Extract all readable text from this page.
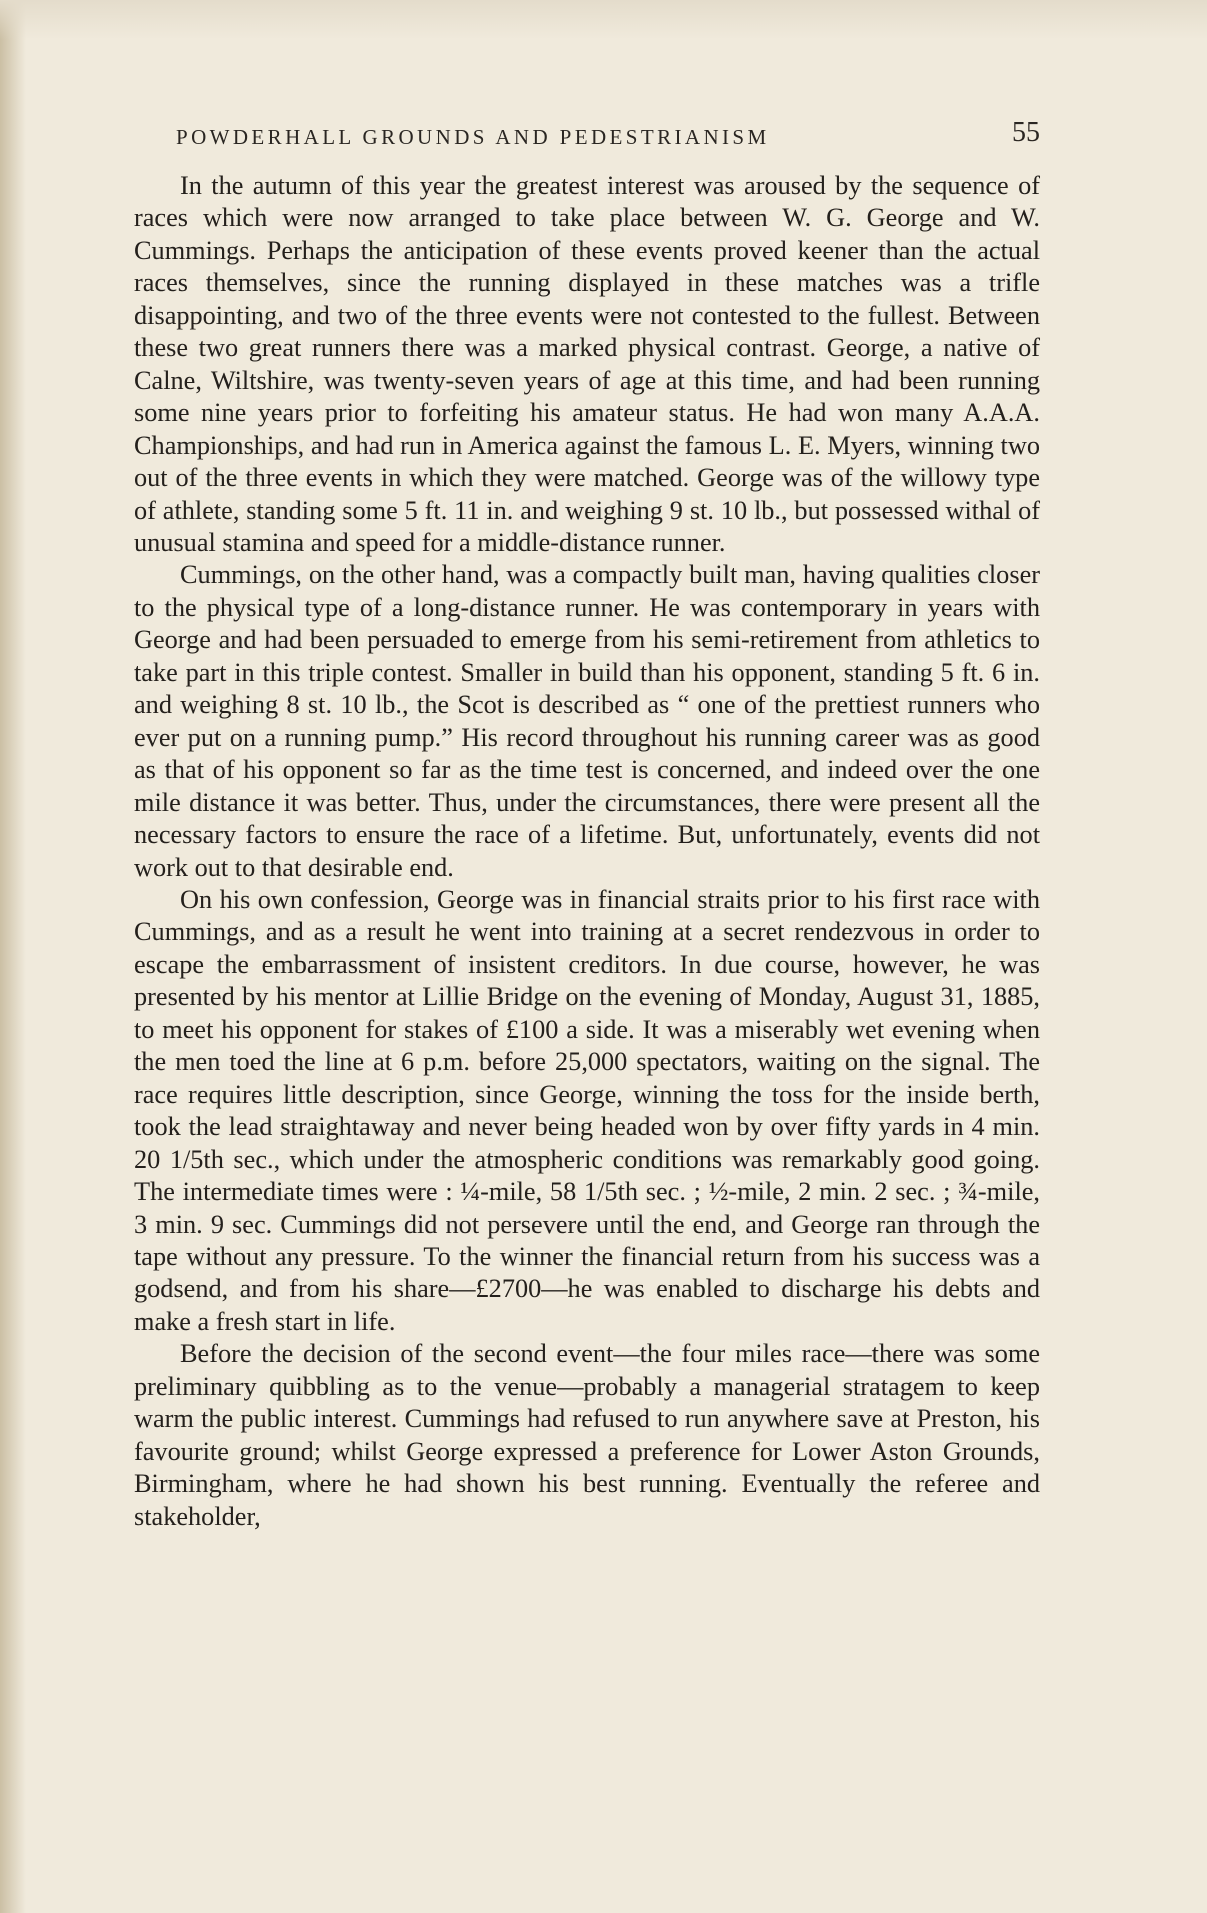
POWDERHALL GROUNDS AND PEDESTRIANISM	55

In the autumn of this year the greatest interest was aroused by the sequence of races which were now arranged to take place between W. G. George and W. Cummings. Perhaps the anticipation of these events proved keener than the actual races themselves, since the running displayed in these matches was a trifle disappointing, and two of the three events were not contested to the fullest. Between these two great runners there was a marked physical contrast. George, a native of Calne, Wiltshire, was twenty-seven years of age at this time, and had been running some nine years prior to forfeiting his amateur status. He had won many A.A.A. Championships, and had run in America against the famous L. E. Myers, winning two out of the three events in which they were matched. George was of the willowy type of athlete, standing some 5 ft. 11 in. and weighing 9 st. 10 lb., but possessed withal of unusual stamina and speed for a middle-distance runner.

Cummings, on the other hand, was a compactly built man, having qualities closer to the physical type of a long-distance runner. He was contemporary in years with George and had been persuaded to emerge from his semi-retirement from athletics to take part in this triple contest. Smaller in build than his opponent, standing 5 ft. 6 in. and weighing 8 st. 10 lb., the Scot is described as “ one of the prettiest runners who ever put on a running pump.” His record throughout his running career was as good as that of his opponent so far as the time test is concerned, and indeed over the one mile distance it was better. Thus, under the circumstances, there were present all the necessary factors to ensure the race of a lifetime. But, unfortunately, events did not work out to that desirable end.

On his own confession, George was in financial straits prior to his first race with Cummings, and as a result he went into training at a secret rendezvous in order to escape the embarrassment of insistent creditors. In due course, however, he was presented by his mentor at Lillie Bridge on the evening of Monday, August 31, 1885, to meet his opponent for stakes of £100 a side. It was a miserably wet evening when the men toed the line at 6 p.m. before 25,000 spectators, waiting on the signal. The race requires little description, since George, winning the toss for the inside berth, took the lead straightaway and never being headed won by over fifty yards in 4 min. 20 1/5th sec., which under the atmospheric conditions was remarkably good going. The intermediate times were : ¼-mile, 58 1/5th sec. ; ½-mile, 2 min. 2 sec. ; ¾-mile, 3 min. 9 sec. Cummings did not persevere until the end, and George ran through the tape without any pressure. To the winner the financial return from his success was a godsend, and from his share—£2700—he was enabled to discharge his debts and make a fresh start in life.

Before the decision of the second event—the four miles race—there was some preliminary quibbling as to the venue—probably a managerial stratagem to keep warm the public interest. Cummings had refused to run anywhere save at Preston, his favourite ground; whilst George expressed a preference for Lower Aston Grounds, Birmingham, where he had shown his best running. Eventually the referee and stakeholder,
